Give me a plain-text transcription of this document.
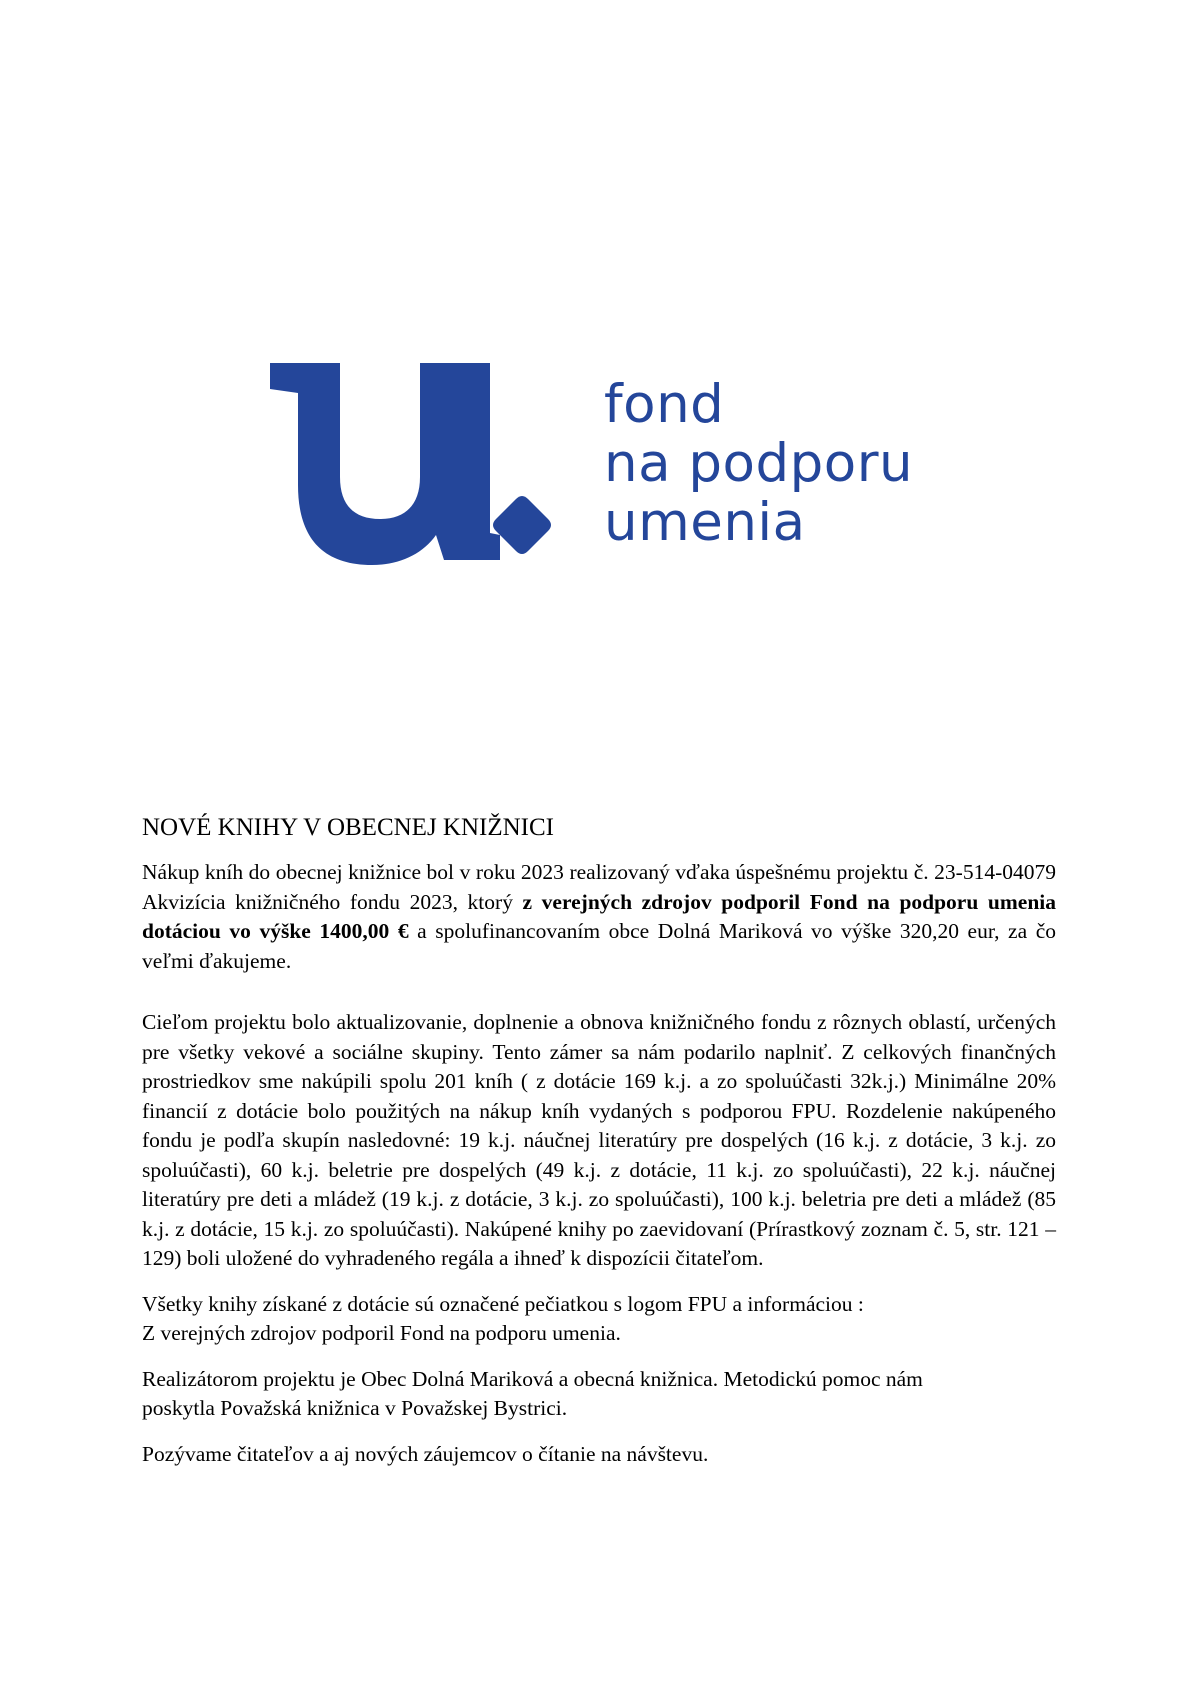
fond
na podporu
umenia
NOVÉ KNIHY V OBECNEJ KNIŽNICI

Nákup kníh do obecnej knižnice bol v roku 2023 realizovaný vďaka úspešnému projektu č. 23-514-04079 Akvizícia knižničného fondu 2023, ktorý z verejných zdrojov podporil Fond na podporu umenia dotáciou vo výške 1400,00 € a spolufinancovaním obce Dolná Mariková vo výške 320,20 eur, za čo veľmi ďakujeme.

Cieľom projektu bolo aktualizovanie, doplnenie a obnova knižničného fondu z rôznych oblastí, určených pre všetky vekové a sociálne skupiny. Tento zámer sa nám podarilo naplniť. Z celkových finančných prostriedkov sme nakúpili spolu 201 kníh ( z dotácie 169 k.j. a zo spoluúčasti 32k.j.) Minimálne 20% financií z dotácie bolo použitých na nákup kníh vydaných s podporou FPU. Rozdelenie nakúpeného fondu je podľa skupín nasledovné: 19 k.j. náučnej literatúry pre dospelých (16 k.j. z dotácie, 3 k.j. zo spoluúčasti), 60 k.j. beletrie pre dospelých (49 k.j. z dotácie, 11 k.j. zo spoluúčasti), 22 k.j. náučnej literatúry pre deti a mládež (19 k.j. z dotácie, 3 k.j. zo spoluúčasti), 100 k.j. beletria pre deti a mládež (85 k.j. z dotácie, 15 k.j. zo spoluúčasti). Nakúpené knihy po zaevidovaní (Prírastkový zoznam č. 5, str. 121 – 129) boli uložené do vyhradeného regála a ihneď k dispozícii čitateľom.

Všetky knihy získané z dotácie sú označené pečiatkou s logom FPU a informáciou :
Z verejných zdrojov podporil Fond na podporu umenia.

Realizátorom projektu je Obec Dolná Mariková a obecná knižnica. Metodickú pomoc nám
poskytla Považská knižnica v Považskej Bystrici.

Pozývame čitateľov a aj nových záujemcov o čítanie na návštevu.
